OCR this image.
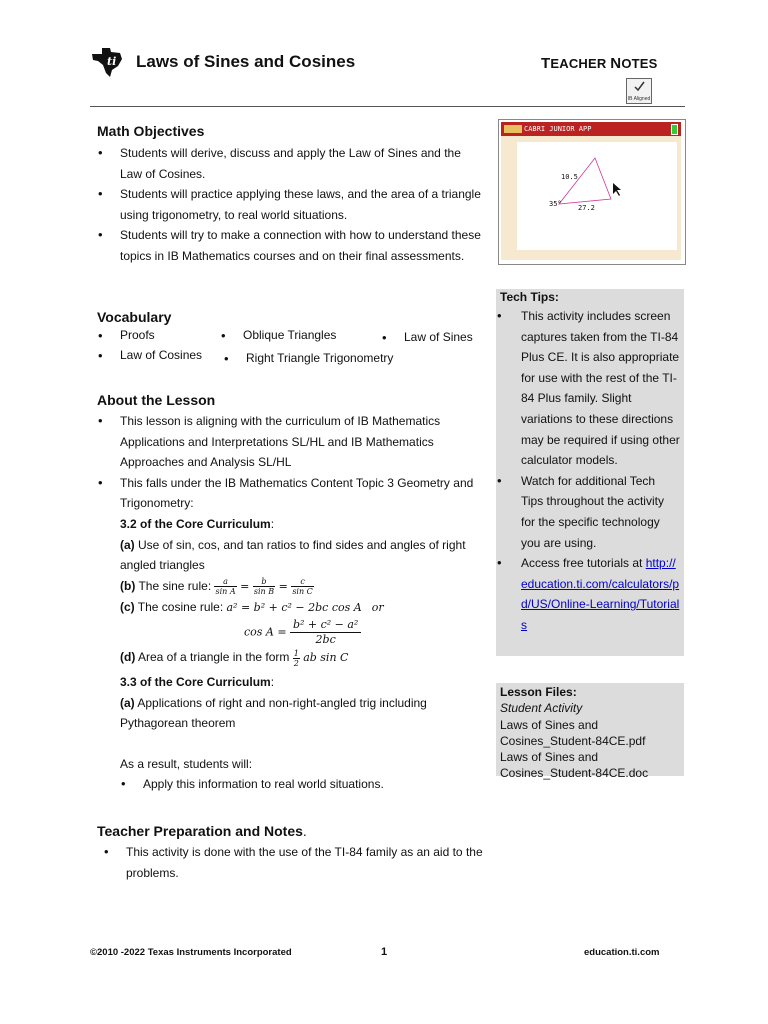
ti Laws of Sines and Cosines	TEACHER NOTES
IB Aligned
Math Objectives
• Students will derive, discuss and apply the Law of Sines and the Law of Cosines.
• Students will practice applying these laws, and the area of a triangle using trigonometry, to real world situations.
• Students will try to make a connection with how to understand these topics in IB Mathematics courses and on their final assessments.
Vocabulary
• Proofs	• Oblique Triangles	• Law of Sines
• Law of Cosines	• Right Triangle Trigonometry
About the Lesson
• This lesson is aligning with the curriculum of IB Mathematics Applications and Interpretations SL/HL and IB Mathematics Approaches and Analysis SL/HL
• This falls under the IB Mathematics Content Topic 3 Geometry and Trigonometry:
3.2 of the Core Curriculum:
(a) Use of sin, cos, and tan ratios to find sides and angles of right angled triangles
(b) The sine rule: $\frac{a}{\text{sin A}} = \frac{b}{\text{sin B}} = \frac{c}{\text{sin C}}$
(c) The cosine rule: a² = b² + c² − 2bc cos A or
$\cos A = \frac{\text{b² + c² − a²}}{2bc}$
(d) Area of a triangle in the form $\frac{1}{2}$ ab sin C
3.3 of the Core Curriculum:
(a) Applications of right and non-right-angled trig including Pythagorean theorem
As a result, students will:
• Apply this information to real world situations.
Teacher Preparation and Notes.
• This activity is done with the use of the TI-84 family as an aid to the problems.
CABRI JUNIOR APP
10.5
35° 27.2
Tech Tips:
• This activity includes screen captures taken from the TI-84 Plus CE. It is also appropriate for use with the rest of the TI-84 Plus family. Slight variations to these directions may be required if using other calculator models.
• Watch for additional Tech Tips throughout the activity for the specific technology you are using.
• Access free tutorials at http://education.ti.com/calculators/pd/US/Online-Learning/Tutorials
Lesson Files:
Student Activity
Laws of Sines and Cosines_Student-84CE.pdf
Laws of Sines and Cosines_Student-84CE.doc
©2010 -2022 Texas Instruments Incorporated	1	education.ti.com
